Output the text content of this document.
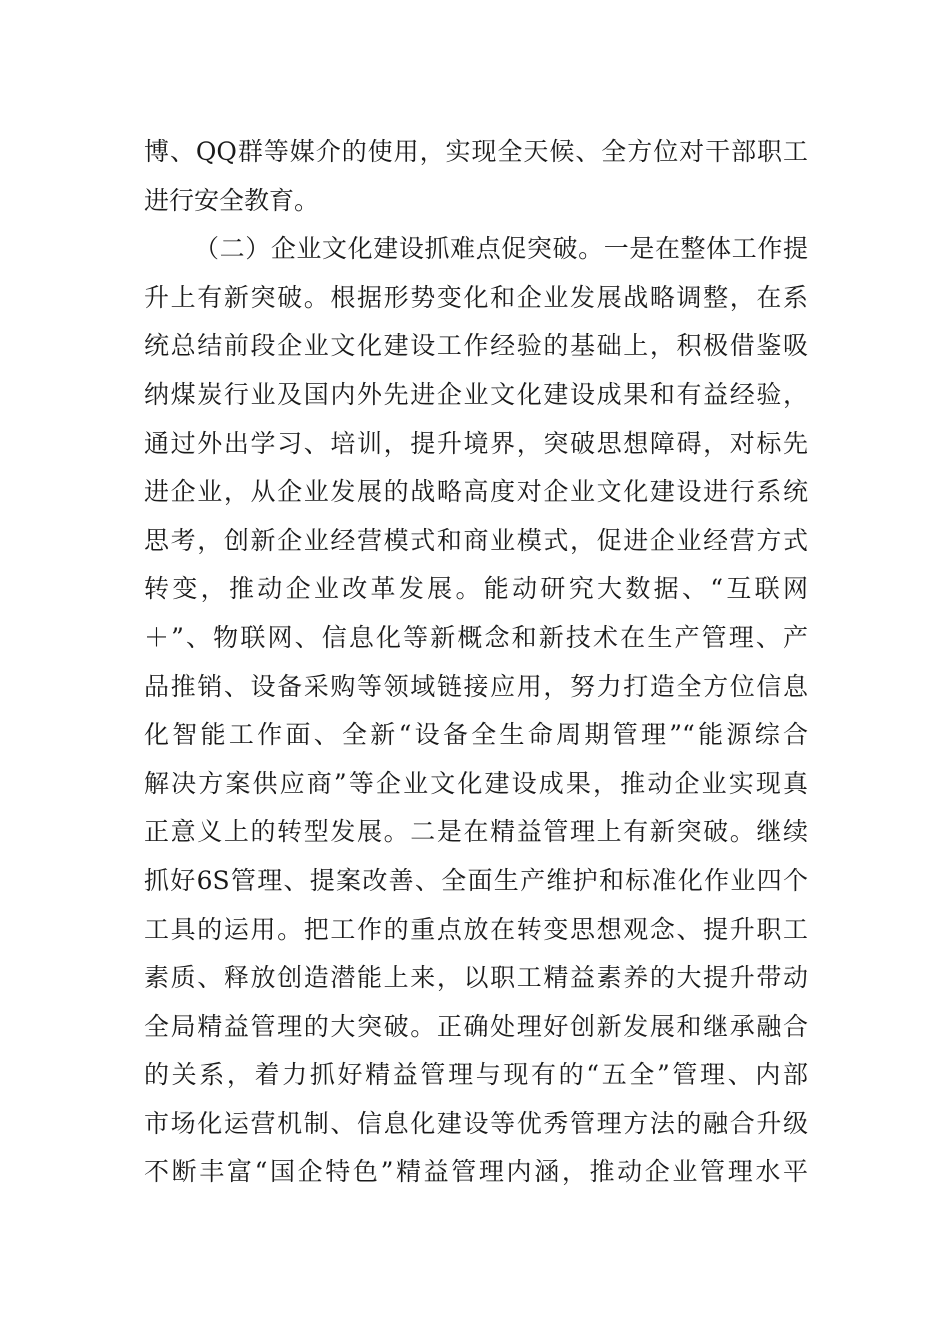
博、QQ群等媒介的使用，实现全天候、全方位对干部职工
进行安全教育。
（二）企业文化建设抓难点促突破。一是在整体工作提
升上有新突破。根据形势变化和企业发展战略调整，在系
统总结前段企业文化建设工作经验的基础上，积极借鉴吸
纳煤炭行业及国内外先进企业文化建设成果和有益经验，
通过外出学习、培训，提升境界，突破思想障碍，对标先
进企业，从企业发展的战略高度对企业文化建设进行系统
思考，创新企业经营模式和商业模式，促进企业经营方式
转变，推动企业改革发展。能动研究大数据、“互联网
＋”、物联网、信息化等新概念和新技术在生产管理、产
品推销、设备采购等领域链接应用，努力打造全方位信息
化智能工作面、全新“设备全生命周期管理”“能源综合
解决方案供应商”等企业文化建设成果，推动企业实现真
正意义上的转型发展。二是在精益管理上有新突破。继续
抓好6S管理、提案改善、全面生产维护和标准化作业四个
工具的运用。把工作的重点放在转变思想观念、提升职工
素质、释放创造潜能上来，以职工精益素养的大提升带动
全局精益管理的大突破。正确处理好创新发展和继承融合
的关系，着力抓好精益管理与现有的“五全”管理、内部
市场化运营机制、信息化建设等优秀管理方法的融合升级
不断丰富“国企特色”精益管理内涵，推动企业管理水平
